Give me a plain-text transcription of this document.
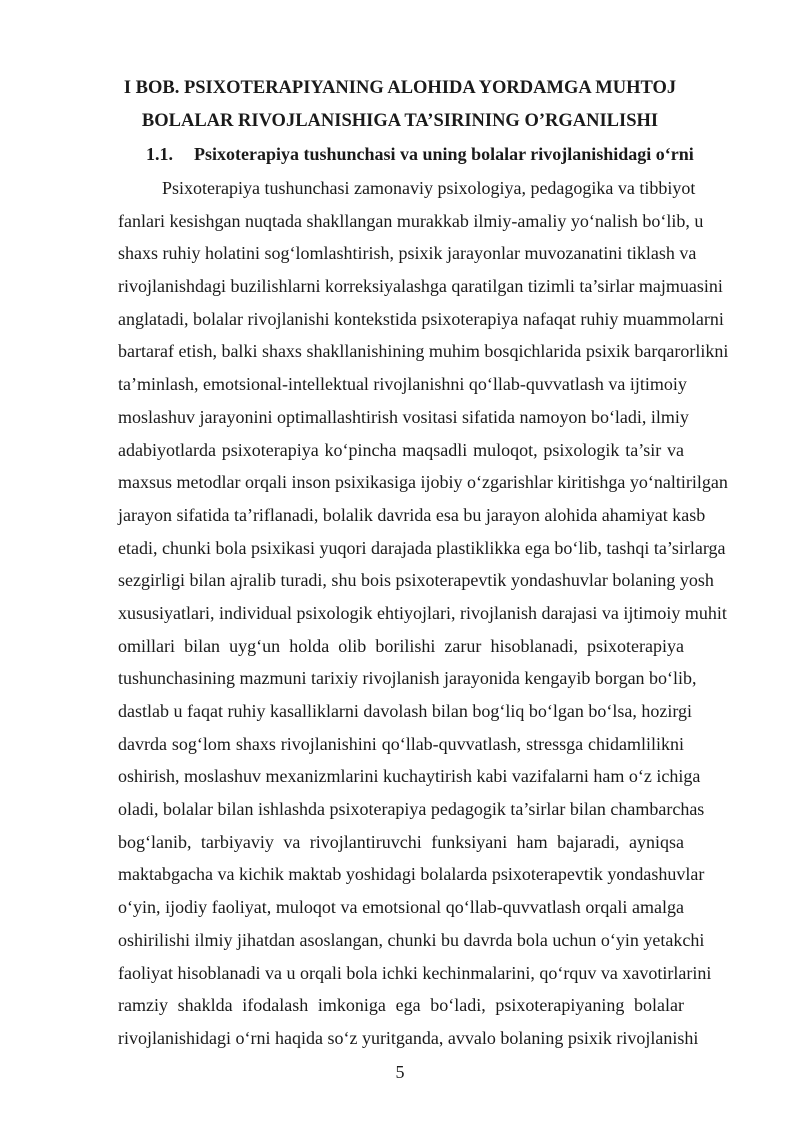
I BOB. PSIXOTERAPIYANING ALOHIDA YORDAMGA MUHTOJ

BOLALAR RIVOJLANISHIGA TA’SIRINING O’RGANILISHI

1.1. Psixoterapiya tushunchasi va uning bolalar rivojlanishidagi o‘rni

Psixoterapiya tushunchasi zamonaviy psixologiya, pedagogika va tibbiyot
fanlari kesishgan nuqtada shakllangan murakkab ilmiy-amaliy yo‘nalish bo‘lib, u
shaxs ruhiy holatini sog‘lomlashtirish, psixik jarayonlar muvozanatini tiklash va
rivojlanishdagi buzilishlarni korreksiyalashga qaratilgan tizimli ta’sirlar majmuasini
anglatadi, bolalar rivojlanishi kontekstida psixoterapiya nafaqat ruhiy muammolarni
bartaraf etish, balki shaxs shakllanishining muhim bosqichlarida psixik barqarorlikni
ta’minlash, emotsional-intellektual rivojlanishni qo‘llab-quvvatlash va ijtimoiy
moslashuv jarayonini optimallashtirish vositasi sifatida namoyon bo‘ladi, ilmiy
adabiyotlarda psixoterapiya ko‘pincha maqsadli muloqot, psixologik ta’sir va
maxsus metodlar orqali inson psixikasiga ijobiy o‘zgarishlar kiritishga yo‘naltirilgan
jarayon sifatida ta’riflanadi, bolalik davrida esa bu jarayon alohida ahamiyat kasb
etadi, chunki bola psixikasi yuqori darajada plastiklikka ega bo‘lib, tashqi ta’sirlarga
sezgirligi bilan ajralib turadi, shu bois psixoterapevtik yondashuvlar bolaning yosh
xususiyatlari, individual psixologik ehtiyojlari, rivojlanish darajasi va ijtimoiy muhit
omillari bilan uyg‘un holda olib borilishi zarur hisoblanadi, psixoterapiya
tushunchasining mazmuni tarixiy rivojlanish jarayonida kengayib borgan bo‘lib,
dastlab u faqat ruhiy kasalliklarni davolash bilan bog‘liq bo‘lgan bo‘lsa, hozirgi
davrda sog‘lom shaxs rivojlanishini qo‘llab-quvvatlash, stressga chidamlilikni
oshirish, moslashuv mexanizmlarini kuchaytirish kabi vazifalarni ham o‘z ichiga
oladi, bolalar bilan ishlashda psixoterapiya pedagogik ta’sirlar bilan chambarchas
bog‘lanib, tarbiyaviy va rivojlantiruvchi funksiyani ham bajaradi, ayniqsa
maktabgacha va kichik maktab yoshidagi bolalarda psixoterapevtik yondashuvlar
o‘yin, ijodiy faoliyat, muloqot va emotsional qo‘llab-quvvatlash orqali amalga
oshirilishi ilmiy jihatdan asoslangan, chunki bu davrda bola uchun o‘yin yetakchi
faoliyat hisoblanadi va u orqali bola ichki kechinmalarini, qo‘rquv va xavotirlarini
ramziy shaklda ifodalash imkoniga ega bo‘ladi, psixoterapiyaning bolalar
rivojlanishidagi o‘rni haqida so‘z yuritganda, avvalo bolaning psixik rivojlanishi
5
